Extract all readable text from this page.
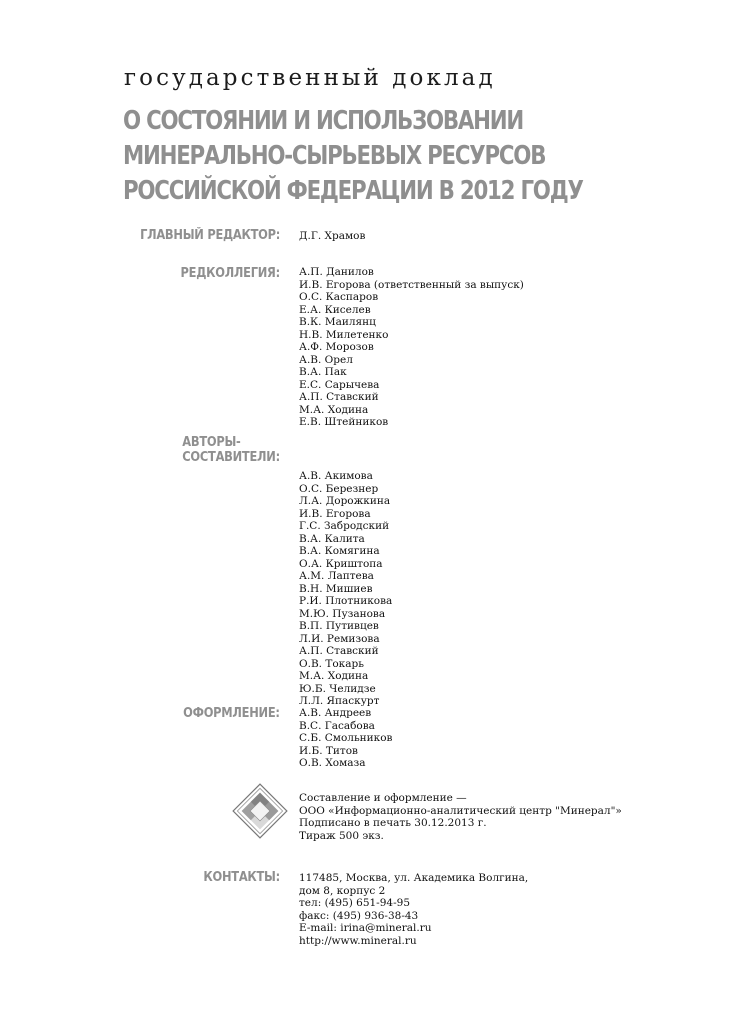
государственный доклад
О СОСТОЯНИИ И ИСПОЛЬЗОВАНИИ
МИНЕРАЛЬНО-СЫРЬЕВЫХ РЕСУРСОВ
РОССИЙСКОЙ ФЕДЕРАЦИИ В 2012 ГОДУ
ГЛАВНЫЙ РЕДАКТОР: Д.Г. Храмов
РЕДКОЛЛЕГИЯ: А.П. Данилов
И.В. Егорова (ответственный за выпуск)
О.С. Каспаров
Е.А. Киселев
В.К. Маилянц
Н.В. Милетенко
А.Ф. Морозов
А.В. Орел
В.А. Пак
Е.С. Сарычева
А.П. Ставский
М.А. Ходина
Е.В. Штейников
АВТОРЫ-
СОСТАВИТЕЛИ:
А.В. Акимова
О.С. Березнер
Л.А. Дорожкина
И.В. Егорова
Г.С. Забродский
В.А. Калита
В.А. Комягина
О.А. Криштопа
А.М. Лаптева
В.Н. Мишиев
Р.И. Плотникова
М.Ю. Пузанова
В.П. Путивцев
Л.И. Ремизова
А.П. Ставский
О.В. Токарь
М.А. Ходина
Ю.Б. Челидзе
Л.Л. Япаскурт
ОФОРМЛЕНИЕ: А.В. Андреев
В.С. Гасабова
С.Б. Смольников
И.Б. Титов
О.В. Хомаза
Составление и оформление —
ООО «Информационно-аналитический центр "Минерал"»
Подписано в печать 30.12.2013 г.
Тираж 500 экз.
КОНТАКТЫ: 117485, Москва, ул. Академика Волгина,
дом 8, корпус 2
тел: (495) 651-94-95
факс: (495) 936-38-43
E-mail: irina@mineral.ru
http://www.mineral.ru
